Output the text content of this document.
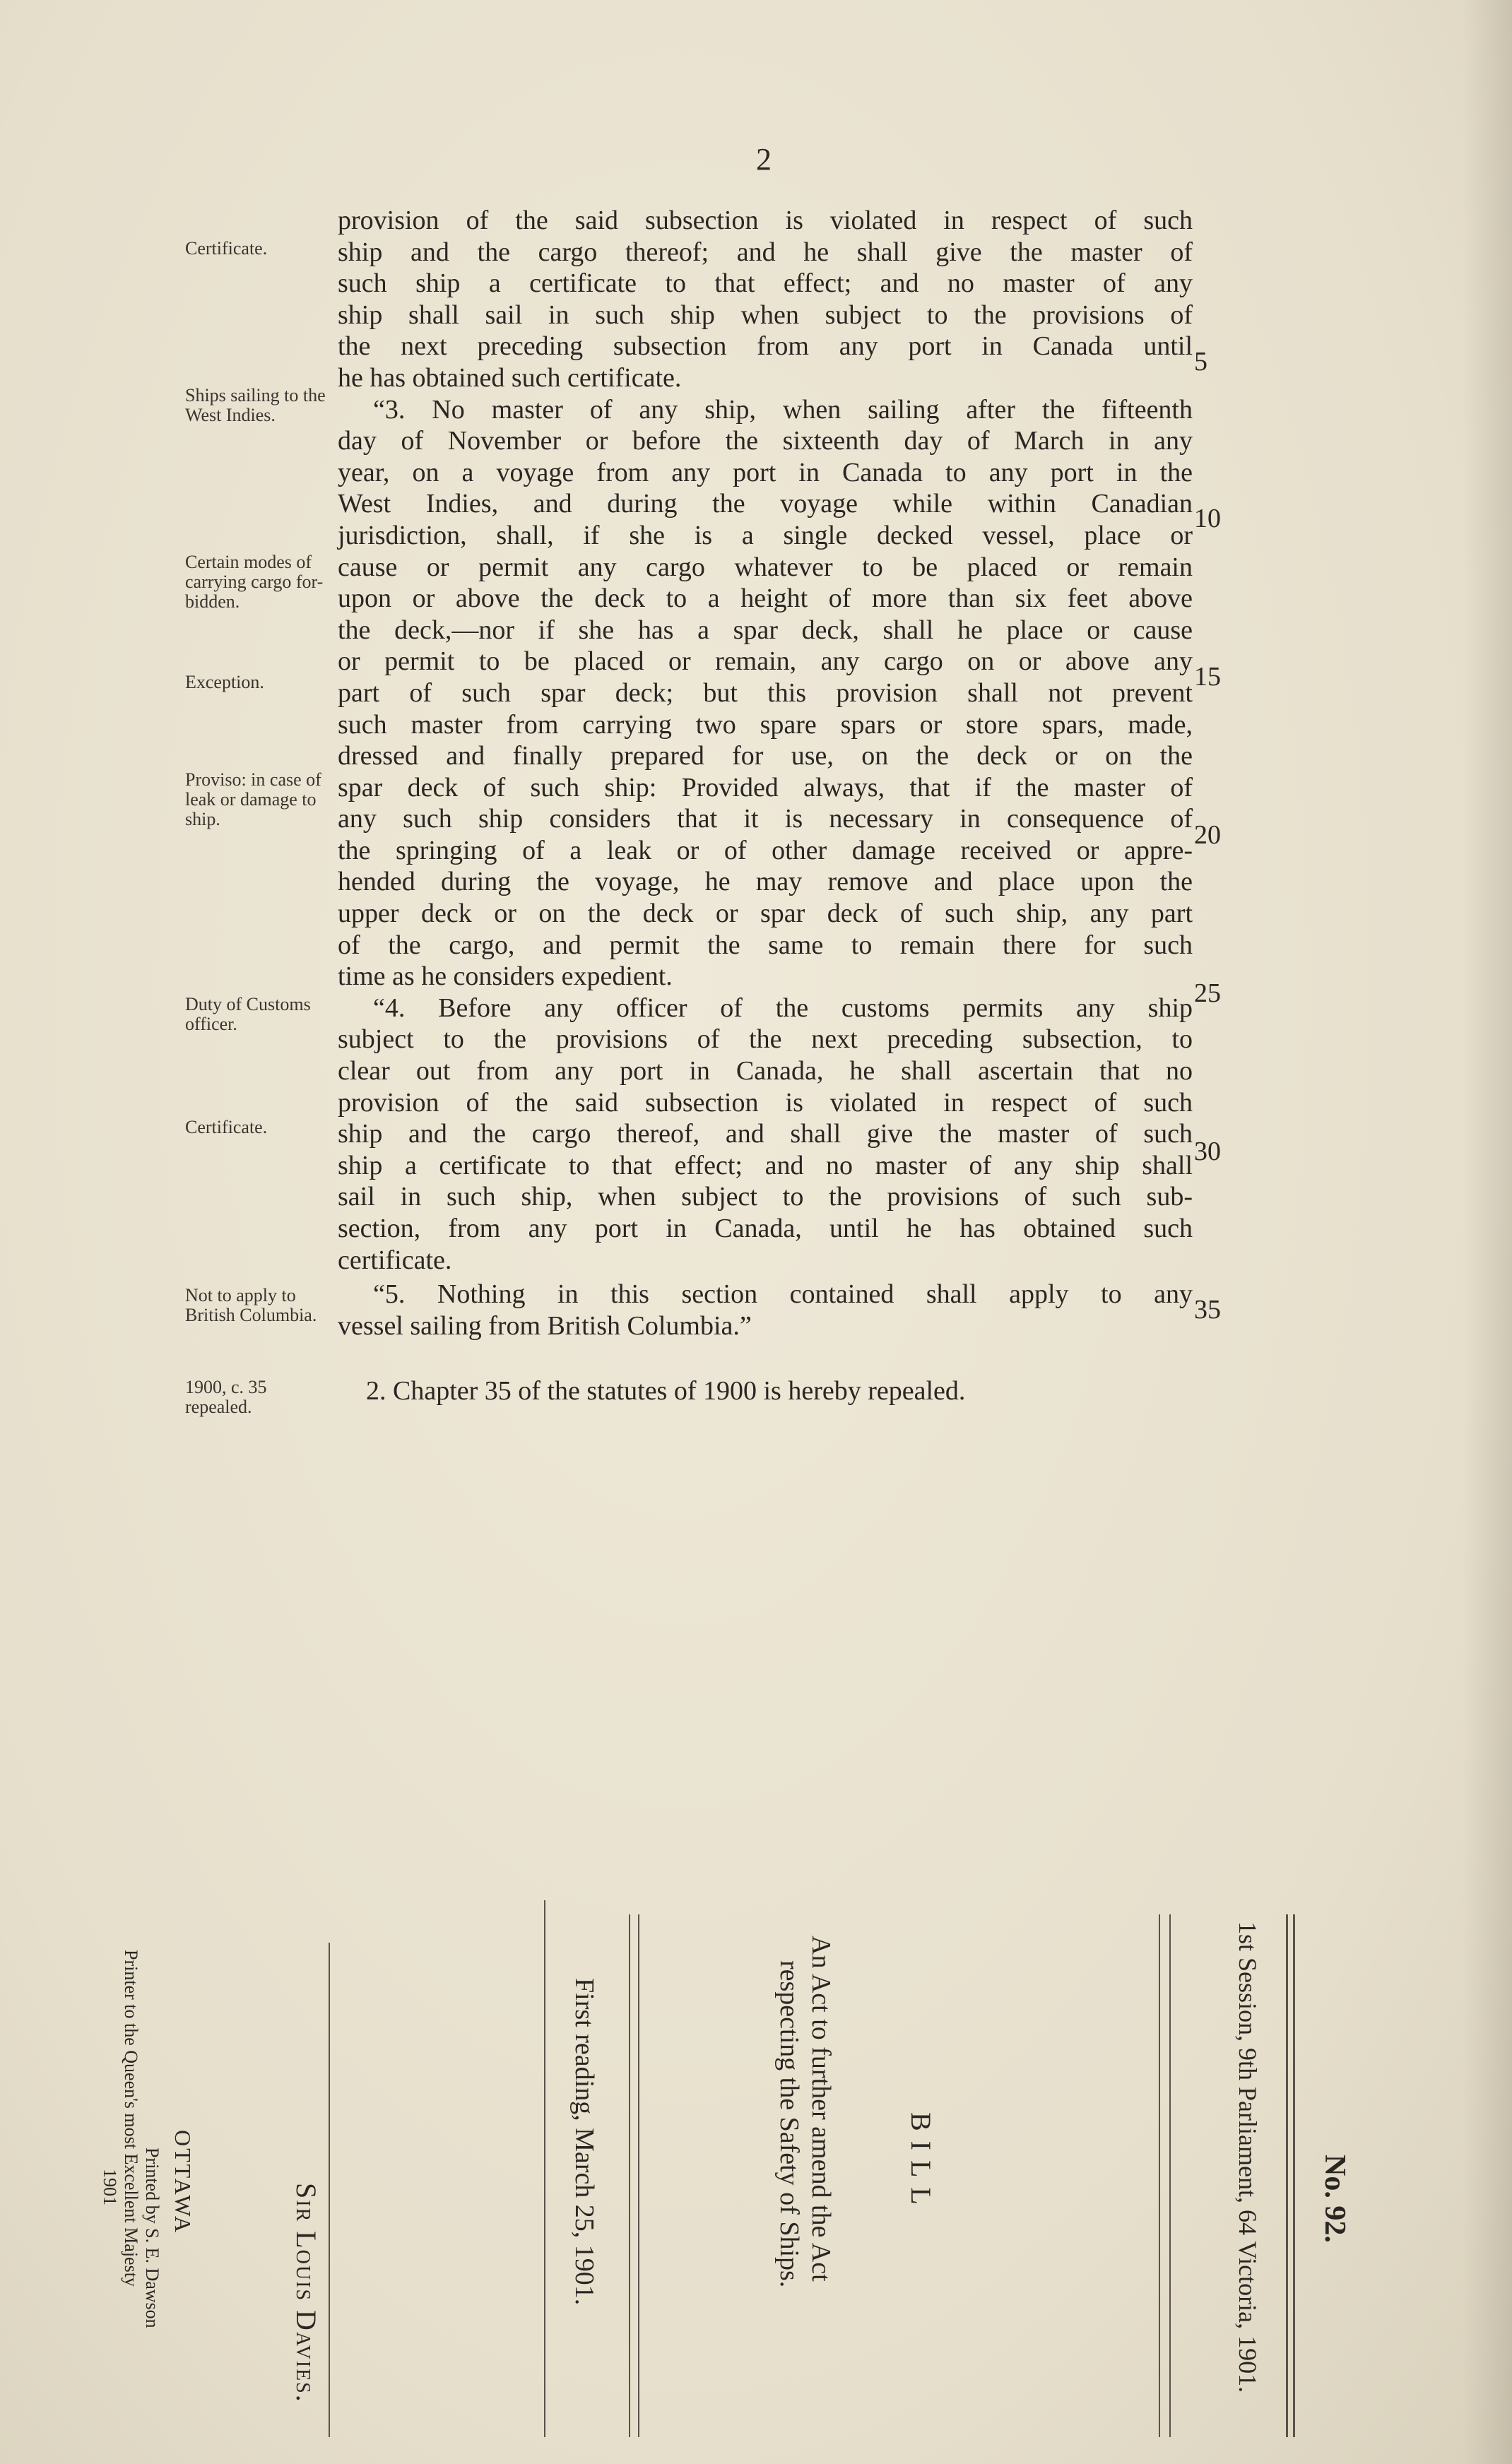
2
Certificate.
Ships sailing to the West Indies.
Certain modes of carrying cargo for-bidden.
Exception.
Proviso: in case of leak or damage to ship.
Duty of Customs officer.
Certificate.
Not to apply to British Columbia.
1900, c. 35 repealed.
provision of the said subsection is violated in respect of such
ship and the cargo thereof; and he shall give the master of
such ship a certificate to that effect; and no master of any
ship shall sail in such ship when subject to the provisions of
the next preceding subsection from any port in Canada until
he has obtained such certificate.
“3. No master of any ship, when sailing after the fifteenth
day of November or before the sixteenth day of March in any
year, on a voyage from any port in Canada to any port in the
West Indies, and during the voyage while within Canadian
jurisdiction, shall, if she is a single decked vessel, place or
cause or permit any cargo whatever to be placed or remain
upon or above the deck to a height of more than six feet above
the deck,—nor if she has a spar deck, shall he place or cause
or permit to be placed or remain, any cargo on or above any
part of such spar deck; but this provision shall not prevent
such master from carrying two spare spars or store spars, made,
dressed and finally prepared for use, on the deck or on the
spar deck of such ship: Provided always, that if the master of
any such ship considers that it is necessary in consequence of
the springing of a leak or of other damage received or appre-
hended during the voyage, he may remove and place upon the
upper deck or on the deck or spar deck of such ship, any part
of the cargo, and permit the same to remain there for such
time as he considers expedient.
“4. Before any officer of the customs permits any ship
subject to the provisions of the next preceding subsection, to
clear out from any port in Canada, he shall ascertain that no
provision of the said subsection is violated in respect of such
ship and the cargo thereof, and shall give the master of such
ship a certificate to that effect; and no master of any ship shall
sail in such ship, when subject to the provisions of such sub-
section, from any port in Canada, until he has obtained such
certificate.
“5. Nothing in this section contained shall apply to any
vessel sailing from British Columbia.”
2. Chapter 35 of the statutes of 1900 is hereby repealed.
5
10
15
20
25
30
35
No. 92.
1st Session, 9th Parliament, 64 Victoria, 1901.
BILL
An Act to further amend the Act
respecting the Safety of Ships.
First reading, March 25, 1901.
Sir Louis Davies.
OTTAWA
Printed by S. E. Dawson
Printer to the Queen's most Excellent Majesty
1901
